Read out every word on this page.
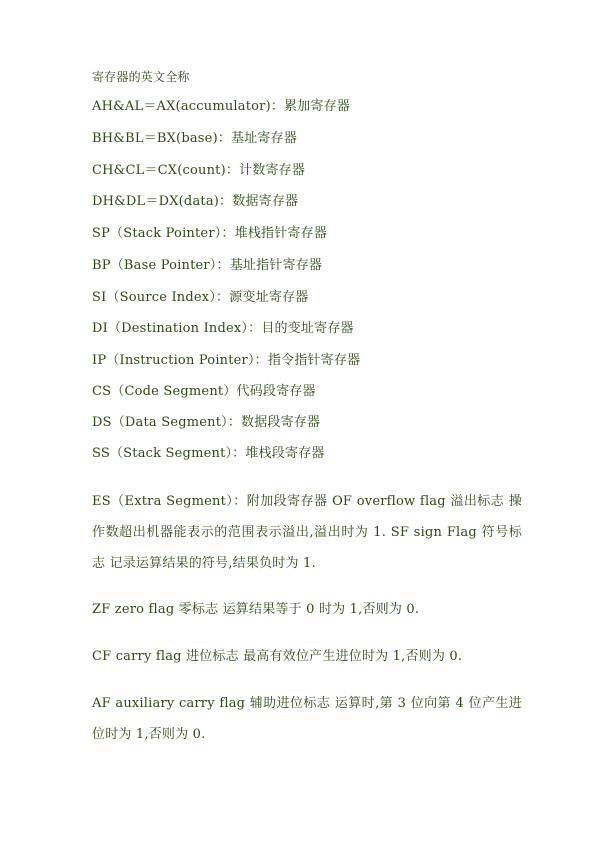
寄存器的英文全称
AH&AL＝AX(accumulator)：累加寄存器
BH&BL＝BX(base)：基址寄存器
CH&CL＝CX(count)：计数寄存器
DH&DL＝DX(data)：数据寄存器
SP（Stack Pointer）：堆栈指针寄存器
BP（Base Pointer）：基址指针寄存器
SI（Source Index）：源变址寄存器
DI（Destination Index）：目的变址寄存器
IP（Instruction Pointer）：指令指针寄存器
CS（Code Segment）代码段寄存器
DS（Data Segment）：数据段寄存器
SS（Stack Segment）：堆栈段寄存器
ES（Extra Segment）：附加段寄存器 OF overflow flag 溢出标志 操作数超出机器能表示的范围表示溢出,溢出时为 1. SF sign Flag 符号标志 记录运算结果的符号,结果负时为 1.
ZF zero flag 零标志 运算结果等于 0 时为 1,否则为 0.
CF carry flag 进位标志 最高有效位产生进位时为 1,否则为 0.
AF auxiliary carry flag 辅助进位标志 运算时,第 3 位向第 4 位产生进位时为 1,否则为 0.
